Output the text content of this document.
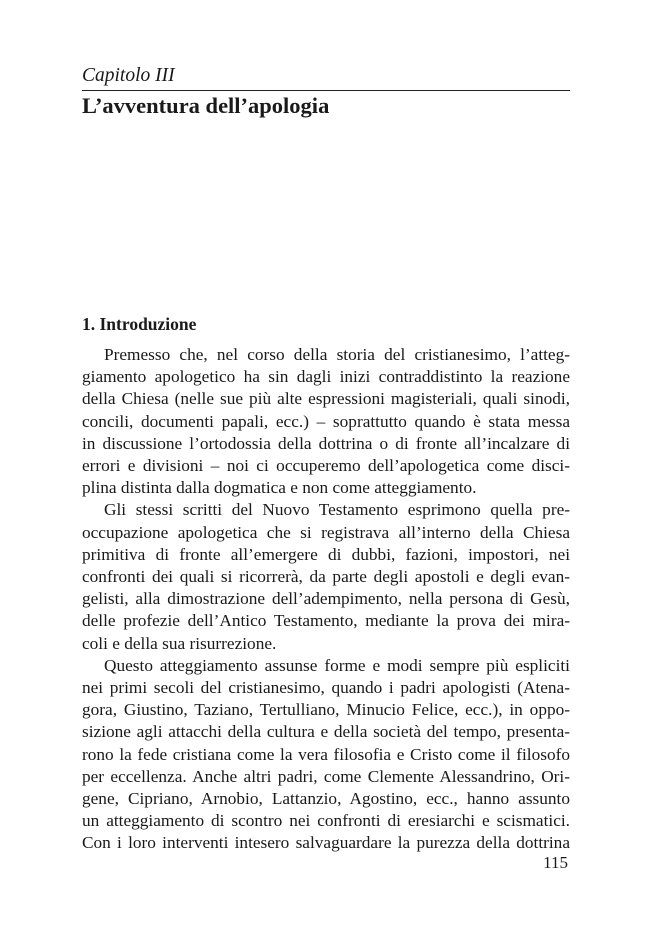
Capitolo III

L’avventura dell’apologia
1. Introduzione
Premesso che, nel corso della storia del cristianesimo, l’atteg-
giamento apologetico ha sin dagli inizi contraddistinto la reazione
della Chiesa (nelle sue più alte espressioni magisteriali, quali sinodi,
concili, documenti papali, ecc.) – soprattutto quando è stata messa
in discussione l’ortodossia della dottrina o di fronte all’incalzare di
errori e divisioni – noi ci occuperemo dell’apologetica come disci-
plina distinta dalla dogmatica e non come atteggiamento.
Gli stessi scritti del Nuovo Testamento esprimono quella pre-
occupazione apologetica che si registrava all’interno della Chiesa
primitiva di fronte all’emergere di dubbi, fazioni, impostori, nei
confronti dei quali si ricorrerà, da parte degli apostoli e degli evan-
gelisti, alla dimostrazione dell’adempimento, nella persona di Gesù,
delle profezie dell’Antico Testamento, mediante la prova dei mira-
coli e della sua risurrezione.
Questo atteggiamento assunse forme e modi sempre più espliciti
nei primi secoli del cristianesimo, quando i padri apologisti (Atena-
gora, Giustino, Taziano, Tertulliano, Minucio Felice, ecc.), in oppo-
sizione agli attacchi della cultura e della società del tempo, presenta-
rono la fede cristiana come la vera filosofia e Cristo come il filosofo
per eccellenza. Anche altri padri, come Clemente Alessandrino, Ori-
gene, Cipriano, Arnobio, Lattanzio, Agostino, ecc., hanno assunto
un atteggiamento di scontro nei confronti di eresiarchi e scismatici.
Con i loro interventi intesero salvaguardare la purezza della dottrina

115
